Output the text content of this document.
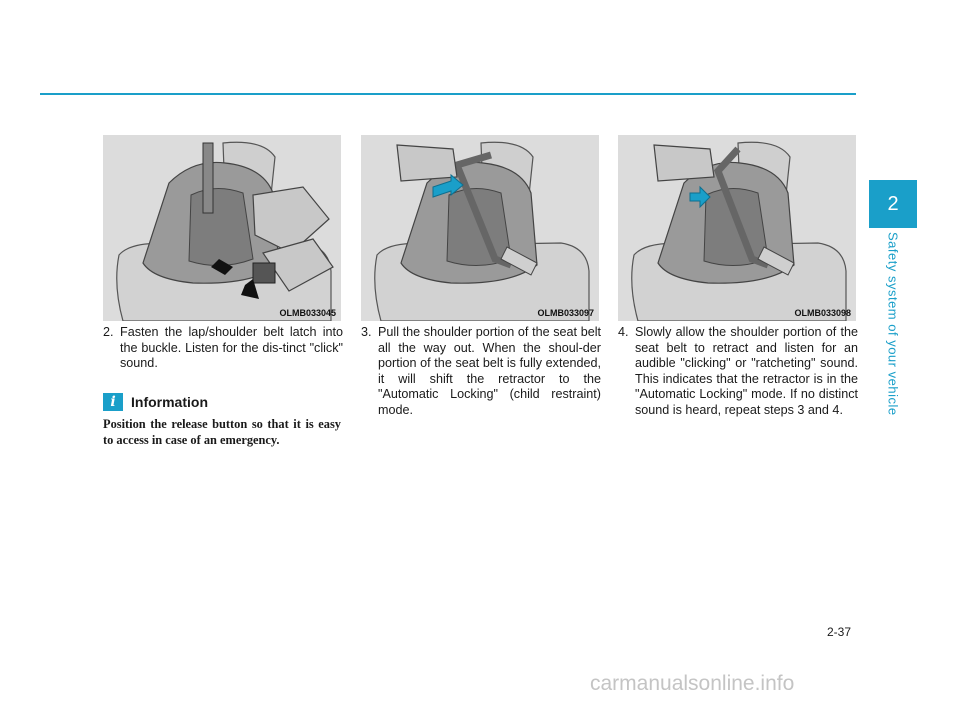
2
Safety system of your vehicle
OLMB033045	OLMB033097	OLMB033098
2. Fasten the lap/shoulder belt latch into the buckle. Listen for the dis-tinct "click" sound.
3. Pull the shoulder portion of the seat belt all the way out. When the shoul-der portion of the seat belt is fully extended, it will shift the retractor to the "Automatic Locking" (child restraint) mode.
4. Slowly allow the shoulder portion of the seat belt to retract and listen for an audible "clicking" or "ratcheting" sound. This indicates that the retractor is in the "Automatic Locking" mode. If no distinct sound is heard, repeat steps 3 and 4.
i	Information
Position the release button so that it is easy to access in case of an emergency.
2-37
carmanualsonline.info
